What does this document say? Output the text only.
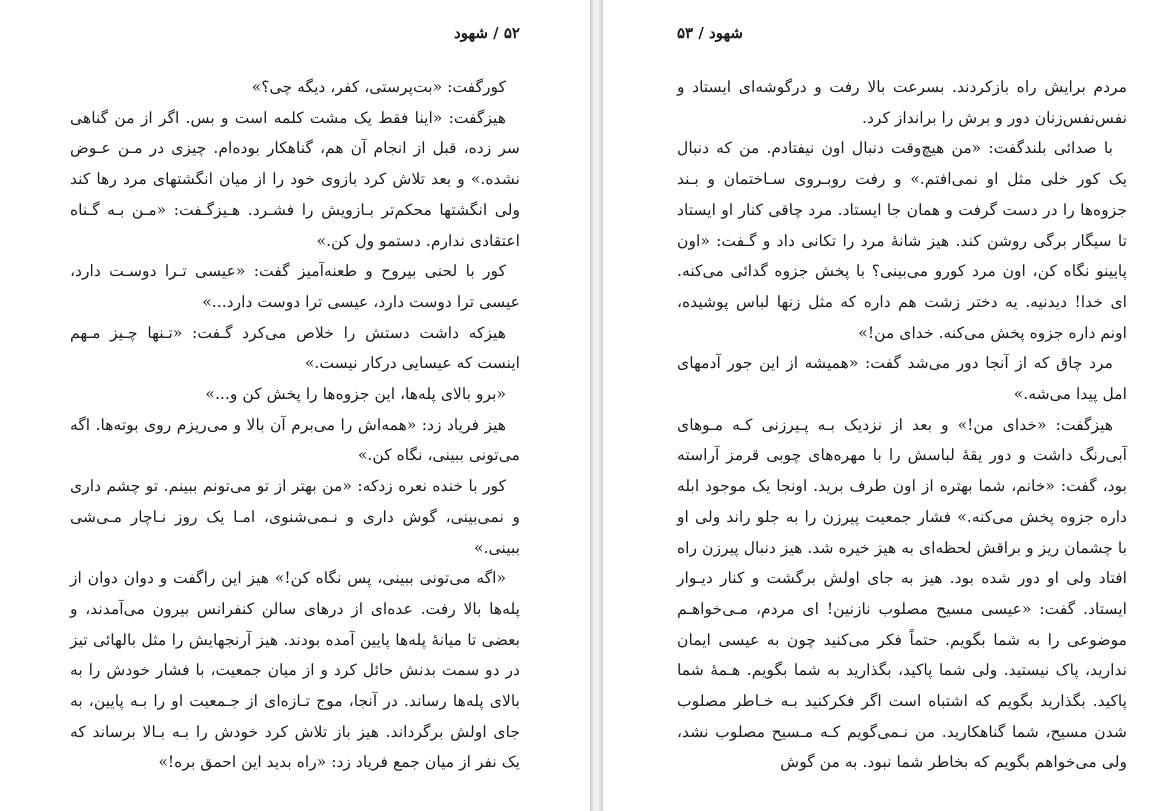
۵۲ / شهود

کورگفت: «بت‌پرستی، کفر، دیگه چی؟»

هیزگفت: «اینا فقط یک مشت کلمه است و بس. اگر از من گناهی سر زده، قبل از انجام آن هم، گناهکار بوده‌ام. چیزی در مـن عـوض نشده.» و بعد تلاش کرد بازوی خود را از میان انگشتهای مرد رها کند ولی انگشتها محکم‌تر بـازویش را فشـرد. هـیزگـفت: «مـن بـه گـناه اعتقادی ندارم. دستمو ول کن.»

کور با لحنی بیروح و طعنه‌آمیز گفت: «عیسی تـرا دوسـت دارد، عیسی ترا دوست دارد، عیسی ترا دوست دارد...»

هیزکه داشت دستش را خلاص می‌کرد گـفت: «تـنها چـیز مـهم اینست که عیسایی درکار نیست.»

«برو بالای پله‌ها، این جزوه‌ها را پخش کن و...»

هیز فریاد زد: «همه‌اش را می‌برم آن بالا و می‌ریزم روی بوته‌ها. اگه می‌تونی ببینی، نگاه کن.»

کور با خنده نعره زدکه: «من بهتر از تو می‌تونم ببینم. تو چشم داری و نمی‌بینی، گوش داری و نـمی‌شنوی، امـا یک روز نـاچار مـی‌شی ببینی.»

«اگه می‌تونی ببینی، پس نگاه کن!» هیز این راگفت و دوان دوان از پله‌ها بالا رفت. عده‌ای از درهای سالن کنفرانس بیرون می‌آمدند، و بعضی تا میانهٔ پله‌ها پایین آمده بودند. هیز آرنجهایش را مثل بالهائی تیز در دو سمت بدنش حائل کرد و از میان جمعیت، با فشار خودش را به بالای پله‌ها رساند. در آنجا، موج تـازه‌ای از جـمعیت او را بـه پایین، به جای اولش برگرداند. هیز باز تلاش کرد خودش را بـه بـالا برساند که یک نفر از میان جمع فریاد زد: «راه بدید این احمق بره!»

شهود / ۵۳

مردم برایش راه بازکردند. بسرعت بالا رفت و درگوشه‌ای ایستاد و نفس‌نفس‌زنان دور و برش را برانداز کرد.

با صدائی بلندگفت: «من هیچ‌وقت دنبال اون نیفتادم. من که دنبال یک کور خلی مثل او نمی‌افتم.» و رفت روبـروی سـاختمان و بـند جزوه‌ها را در دست گرفت و همان جا ایستاد. مرد چاقی کنار او ایستاد تا سیگار برگی روشن کند. هیز شانهٔ مرد را تکانی داد و گـفت: «اون پایینو نگاه کن، اون مرد کورو می‌بینی؟ با پخش جزوه گدائی می‌کنه. ای خدا! دیدنیه. یه دختر زشت هم داره که مثل زنها لباس پوشیده، اونم داره جزوه پخش می‌کنه. خدای من!»

مرد چاق که از آنجا دور می‌شد گفت: «همیشه از این جور آدمهای امل پیدا می‌شه.»

هیزگفت: «خدای من!» و بعد از نزدیک بـه پـیرزنی کـه مـوهای آبی‌رنگ داشت و دور یقهٔ لباسش را با مهره‌های چوبی قرمز آراسته بود، گفت: «خانم، شما بهتره از اون طرف برید. اونجا یک موجود ابله داره جزوه پخش می‌کنه.» فشار جمعیت پیرزن را به جلو راند ولی او با چشمان ریز و براقش لحظه‌ای به هیز خیره شد. هیز دنبال پیرزن راه افتاد ولی او دور شده بود. هیز به جای اولش برگشت و کنار دیـوار ایستاد. گفت: «عیسی مسیح مصلوب نازنین! ای مردم، مـی‌خواهـم موضوعی را به شما بگویم. حتماً فکر می‌کنید چون به عیسی ایمان ندارید، پاک نیستید. ولی شما پاکید، بگذارید به شما بگویم. هـمهٔ شما پاکید. بگذارید بگویم که اشتباه است اگر فکرکنید بـه خـاطر مصلوب شدن مسیح، شما گناهکارید. من نـمی‌گویم کـه مـسیح مصلوب نشد، ولی می‌خواهم بگویم که بخاطر شما نبود. به من گوش
